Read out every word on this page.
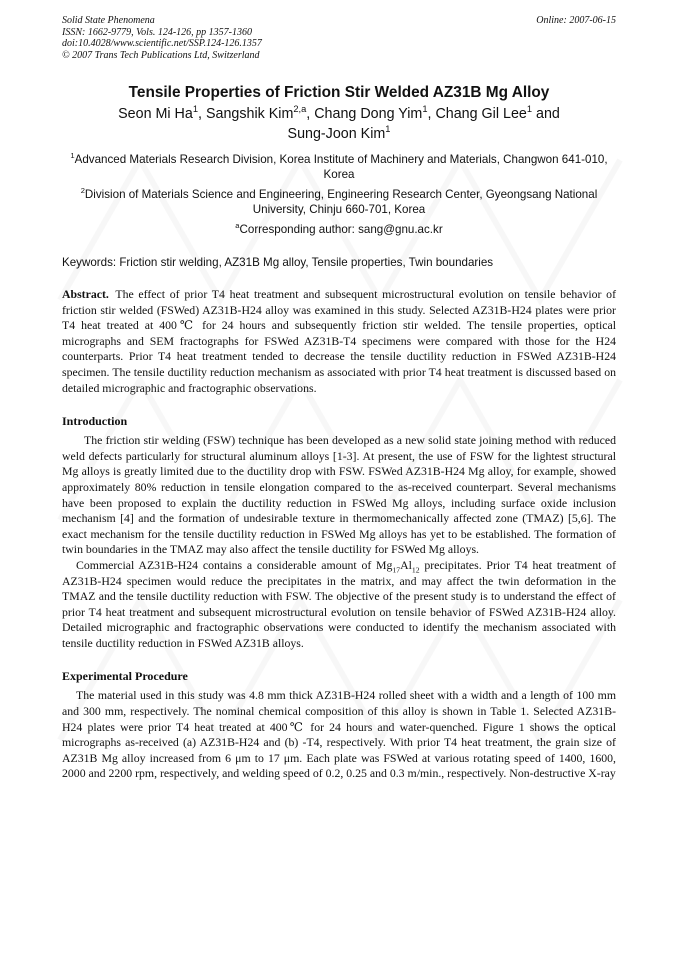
Solid State Phenomena
ISSN: 1662-9779, Vols. 124-126, pp 1357-1360
doi:10.4028/www.scientific.net/SSP.124-126.1357
© 2007 Trans Tech Publications Ltd, Switzerland
Online: 2007-06-15
Tensile Properties of Friction Stir Welded AZ31B Mg Alloy
Seon Mi Ha$^1$, Sangshik Kim$^{2,a}$, Chang Dong Yim$^1$, Chang Gil Lee$^1$ and
Sung-Joon Kim$^1$
$^1$Advanced Materials Research Division, Korea Institute of Machinery and Materials, Changwon 641-010, Korea
$^2$Division of Materials Science and Engineering, Engineering Research Center, Gyeongsang National University, Chinju 660-701, Korea
$^a$Corresponding author: sang@gnu.ac.kr
Keywords: Friction stir welding, AZ31B Mg alloy, Tensile properties, Twin boundaries
Abstract. The effect of prior T4 heat treatment and subsequent microstructural evolution on tensile behavior of friction stir welded (FSWed) AZ31B-H24 alloy was examined in this study. Selected AZ31B-H24 plates were prior T4 heat treated at 400℃ for 24 hours and subsequently friction stir welded. The tensile properties, optical micrographs and SEM fractographs for FSWed AZ31B-T4 specimens were compared with those for the H24 counterparts. Prior T4 heat treatment tended to decrease the tensile ductility reduction in FSWed AZ31B-H24 specimen. The tensile ductility reduction mechanism as associated with prior T4 heat treatment is discussed based on detailed micrographic and fractographic observations.
Introduction
The friction stir welding (FSW) technique has been developed as a new solid state joining method with reduced weld defects particularly for structural aluminum alloys [1-3]. At present, the use of FSW for the lightest structural Mg alloys is greatly limited due to the ductility drop with FSW. FSWed AZ31B-H24 Mg alloy, for example, showed approximately 80% reduction in tensile elongation compared to the as-received counterpart. Several mechanisms have been proposed to explain the ductility reduction in FSWed Mg alloys, including surface oxide inclusion mechanism [4] and the formation of undesirable texture in thermomechanically affected zone (TMAZ) [5,6]. The exact mechanism for the tensile ductility reduction in FSWed Mg alloys has yet to be established. The formation of twin boundaries in the TMAZ may also affect the tensile ductility for FSWed Mg alloys.
Commercial AZ31B-H24 contains a considerable amount of $Mg_{17}Al_{12}$ precipitates. Prior T4 heat treatment of AZ31B-H24 specimen would reduce the precipitates in the matrix, and may affect the twin deformation in the TMAZ and the tensile ductility reduction with FSW. The objective of the present study is to understand the effect of prior T4 heat treatment and subsequent microstructural evolution on tensile behavior of FSWed AZ31B-H24 alloy. Detailed micrographic and fractographic observations were conducted to identify the mechanism associated with tensile ductility reduction in FSWed AZ31B alloys.
Experimental Procedure
The material used in this study was 4.8 mm thick AZ31B-H24 rolled sheet with a width and a length of 100 mm and 300 mm, respectively. The nominal chemical composition of this alloy is shown in Table 1. Selected AZ31B-H24 plates were prior T4 heat treated at 400℃ for 24 hours and water-quenched. Figure 1 shows the optical micrographs as-received (a) AZ31B-H24 and (b) -T4, respectively. With prior T4 heat treatment, the grain size of AZ31B Mg alloy increased from 6 μm to 17 μm. Each plate was FSWed at various rotating speed of 1400, 1600, 2000 and 2200 rpm, respectively, and welding speed of 0.2, 0.25 and 0.3 m/min., respectively. Non-destructive X-ray
